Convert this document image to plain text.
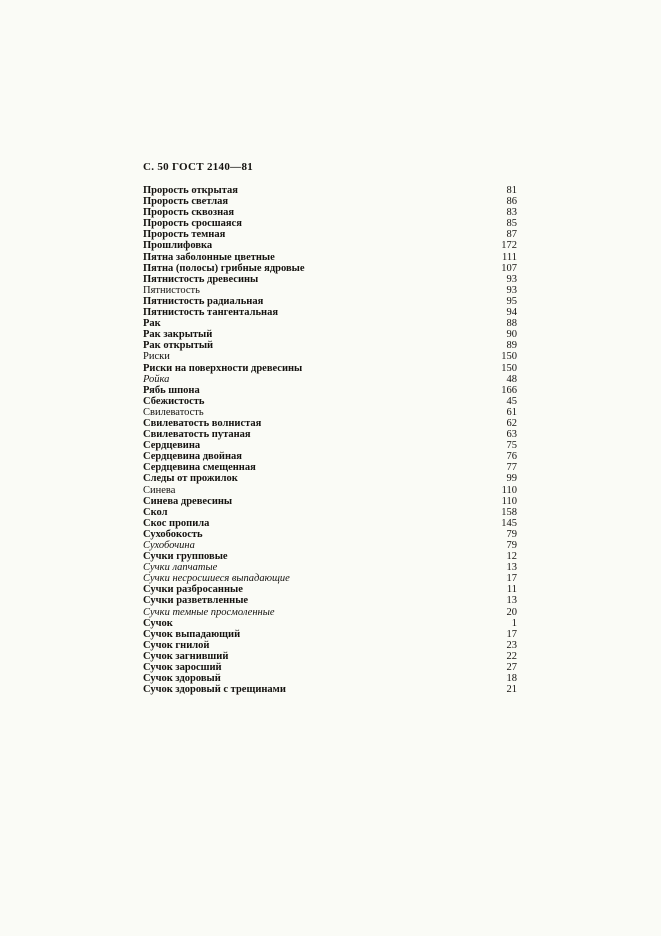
С. 50 ГОСТ 2140—81
Прорость открытая	81
Прорость светлая	86
Прорость сквозная	83
Прорость сросшаяся	85
Прорость темная	87
Прошлифовка	172
Пятна заболонные цветные	111
Пятна (полосы) грибные ядровые	107
Пятнистость древесины	93
Пятнистость	93
Пятнистость радиальная	95
Пятнистость тангентальная	94
Рак	88
Рак закрытый	90
Рак открытый	89
Риски	150
Риски на поверхности древесины	150
Ройка	48
Рябь шпона	166
Сбежистость	45
Свилеватость	61
Свилеватость волнистая	62
Свилеватость путаная	63
Сердцевина	75
Сердцевина двойная	76
Сердцевина смещенная	77
Следы от прожилок	99
Синева	110
Синева древесины	110
Скол	158
Скос пропила	145
Сухобокость	79
Сухобочина	79
Сучки групповые	12
Сучки лапчатые	13
Сучки несросшиеся выпадающие	17
Сучки разбросанные	11
Сучки разветвленные	13
Сучки темные просмоленные	20
Сучок	1
Сучок выпадающий	17
Сучок гнилой	23
Сучок загнивший	22
Сучок заросший	27
Сучок здоровый	18
Сучок здоровый с трещинами	21
